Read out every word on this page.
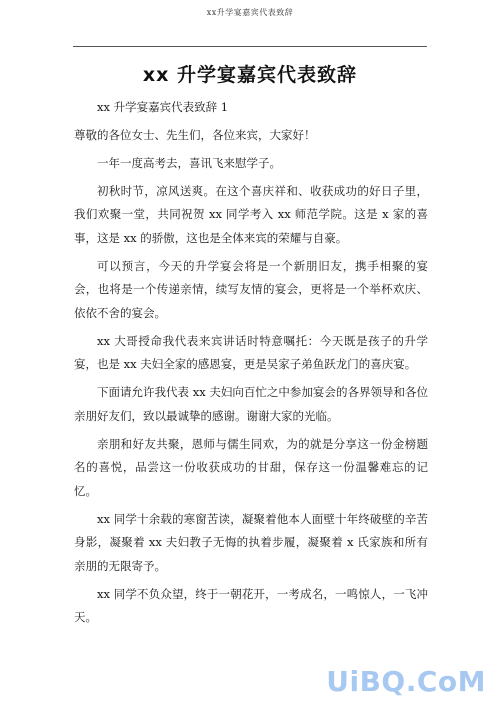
xx升学宴嘉宾代表致辞
xx 升学宴嘉宾代表致辞

xx 升学宴嘉宾代表致辞 1

尊敬的各位女士、先生们，各位来宾，大家好！

一年一度高考去，喜讯飞来慰学子。

初秋时节，凉风送爽。在这个喜庆祥和、收获成功的好日子里，我们欢聚一堂，共同祝贺 xx 同学考入 xx 师范学院。这是 x 家的喜事，这是 xx 的骄傲，这也是全体来宾的荣耀与自豪。

可以预言，今天的升学宴会将是一个新朋旧友，携手相聚的宴会，也将是一个传递亲情，续写友情的宴会，更将是一个举杯欢庆、依依不舍的宴会。

xx 大哥授命我代表来宾讲话时特意嘱托：今天既是孩子的升学宴，也是 xx 夫妇全家的感恩宴，更是吴家子弟鱼跃龙门的喜庆宴。

下面请允许我代表 xx 夫妇向百忙之中参加宴会的各界领导和各位亲朋好友们，致以最诚挚的感谢。谢谢大家的光临。

亲朋和好友共聚，恩师与儒生同欢，为的就是分享这一份金榜题名的喜悦，品尝这一份收获成功的甘甜，保存这一份温馨难忘的记忆。

xx 同学十余载的寒窗苦读，凝聚着他本人面壁十年终破壁的辛苦身影，凝聚着 xx 夫妇教子无悔的执着步履，凝聚着 x 氏家族和所有亲朋的无限寄予。

xx 同学不负众望，终于一朝花开，一考成名，一鸣惊人，一飞冲天。

UiBQ.CoM
